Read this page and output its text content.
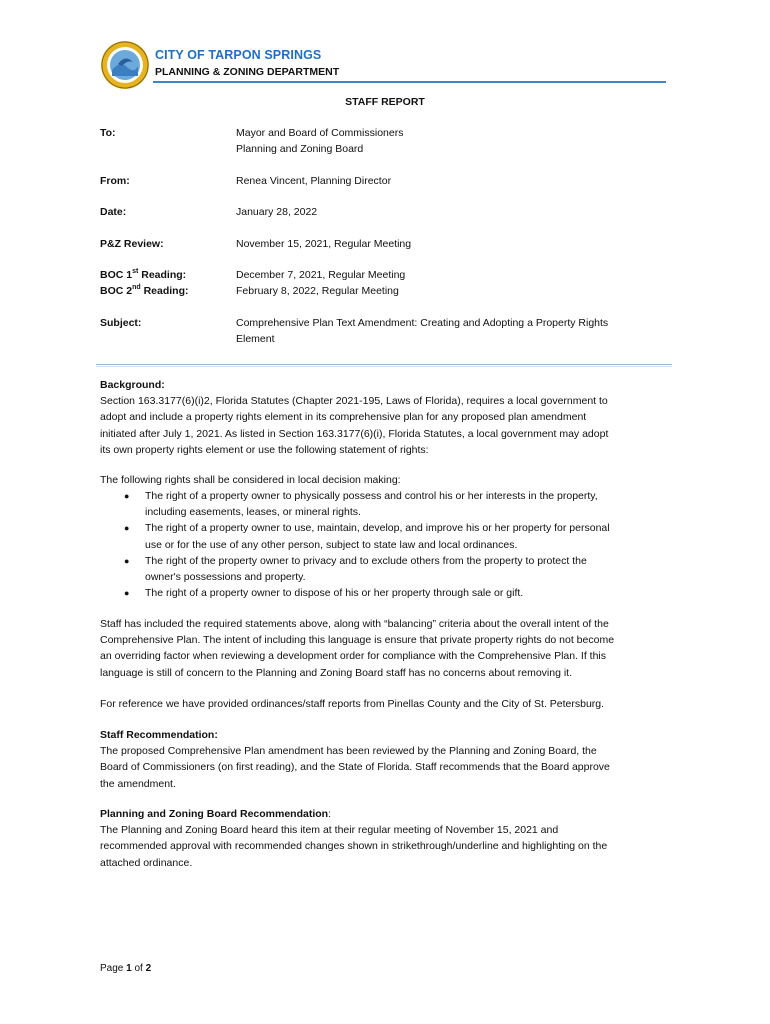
CITY OF TARPON SPRINGS
PLANNING & ZONING DEPARTMENT
STAFF REPORT
To:	Mayor and Board of Commissioners
Planning and Zoning Board
From:	Renea Vincent, Planning Director
Date:	January 28, 2022
P&Z Review:	November 15, 2021, Regular Meeting
BOC 1st Reading:	December 7, 2021, Regular Meeting
BOC 2nd Reading:	February 8, 2022, Regular Meeting
Subject:	Comprehensive Plan Text Amendment: Creating and Adopting a Property Rights
Element
Background:
Section 163.3177(6)(i)2, Florida Statutes (Chapter 2021-195, Laws of Florida), requires a local government to
adopt and include a property rights element in its comprehensive plan for any proposed plan amendment
initiated after July 1, 2021. As listed in Section 163.3177(6)(i), Florida Statutes, a local government may adopt
its own property rights element or use the following statement of rights:
The following rights shall be considered in local decision making:
● The right of a property owner to physically possess and control his or her interests in the property,
including easements, leases, or mineral rights.
● The right of a property owner to use, maintain, develop, and improve his or her property for personal
use or for the use of any other person, subject to state law and local ordinances.
● The right of the property owner to privacy and to exclude others from the property to protect the
owner's possessions and property.
● The right of a property owner to dispose of his or her property through sale or gift.
Staff has included the required statements above, along with “balancing” criteria about the overall intent of the
Comprehensive Plan. The intent of including this language is ensure that private property rights do not become
an overriding factor when reviewing a development order for compliance with the Comprehensive Plan. If this
language is still of concern to the Planning and Zoning Board staff has no concerns about removing it.
For reference we have provided ordinances/staff reports from Pinellas County and the City of St. Petersburg.
Staff Recommendation:
The proposed Comprehensive Plan amendment has been reviewed by the Planning and Zoning Board, the
Board of Commissioners (on first reading), and the State of Florida. Staff recommends that the Board approve
the amendment.
Planning and Zoning Board Recommendation:
The Planning and Zoning Board heard this item at their regular meeting of November 15, 2021 and
recommended approval with recommended changes shown in strikethrough/underline and highlighting on the
attached ordinance.
Page 1 of 2
